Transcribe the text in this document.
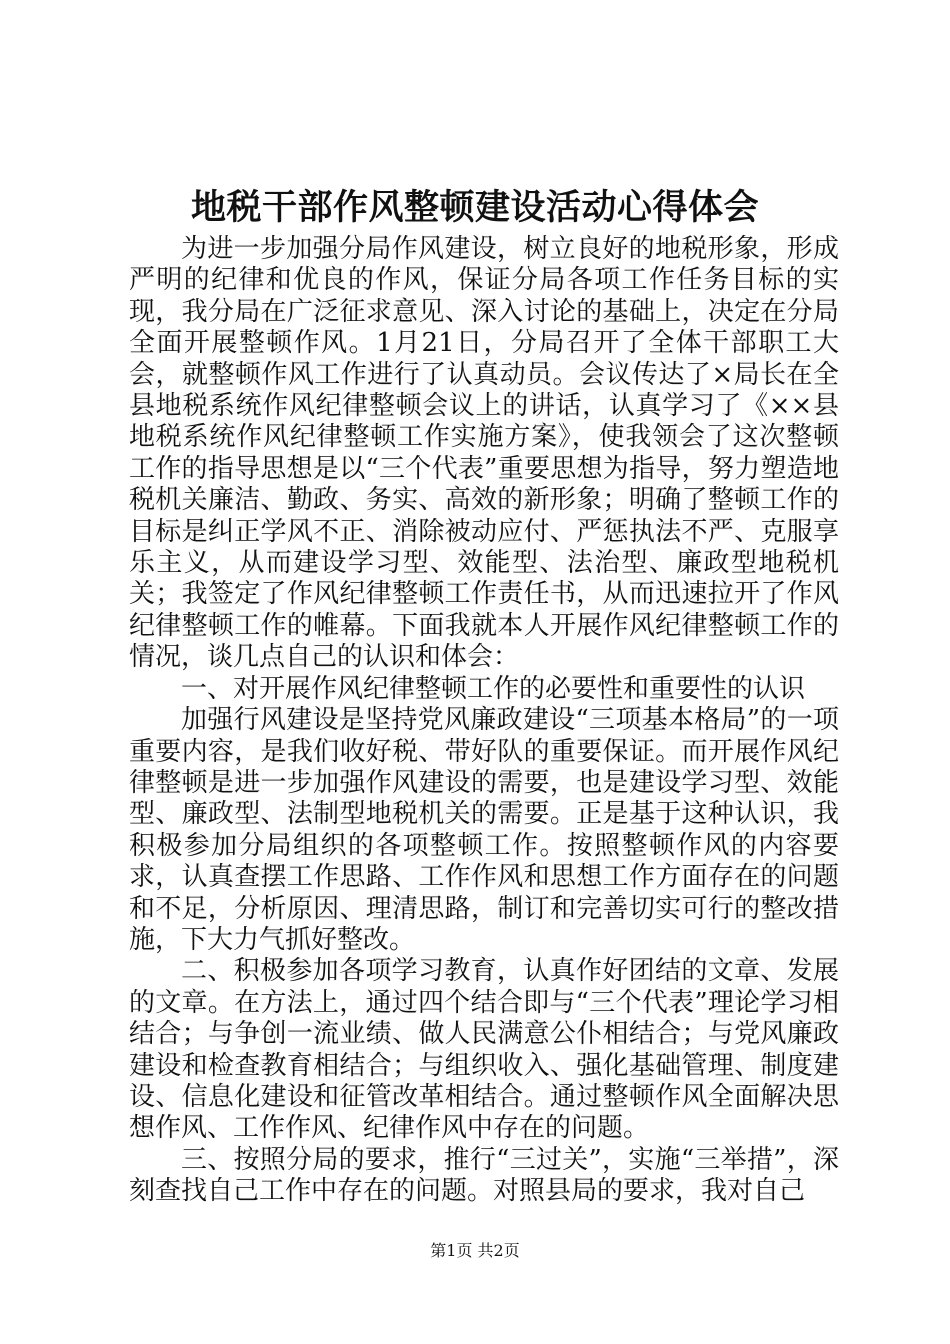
地税干部作风整顿建设活动心得体会

为进一步加强分局作风建设，树立良好的地税形象，形成严明的纪律和优良的作风，保证分局各项工作任务目标的实现，我分局在广泛征求意见、深入讨论的基础上，决定在分局全面开展整顿作风。1月21日，分局召开了全体干部职工大会，就整顿作风工作进行了认真动员。会议传达了×局长在全县地税系统作风纪律整顿会议上的讲话，认真学习了《××县地税系统作风纪律整顿工作实施方案》，使我领会了这次整顿工作的指导思想是以“三个代表”重要思想为指导，努力塑造地税机关廉洁、勤政、务实、高效的新形象；明确了整顿工作的目标是纠正学风不正、消除被动应付、严惩执法不严、克服享乐主义，从而建设学习型、效能型、法治型、廉政型地税机关；我签定了作风纪律整顿工作责任书，从而迅速拉开了作风纪律整顿工作的帷幕。下面我就本人开展作风纪律整顿工作的情况，谈几点自己的认识和体会：

一、对开展作风纪律整顿工作的必要性和重要性的认识

加强行风建设是坚持党风廉政建设“三项基本格局”的一项重要内容，是我们收好税、带好队的重要保证。而开展作风纪律整顿是进一步加强作风建设的需要，也是建设学习型、效能型、廉政型、法制型地税机关的需要。正是基于这种认识，我积极参加分局组织的各项整顿工作。按照整顿作风的内容要求，认真查摆工作思路、工作作风和思想工作方面存在的问题和不足，分析原因、理清思路，制订和完善切实可行的整改措施，下大力气抓好整改。

二、积极参加各项学习教育，认真作好团结的文章、发展的文章。在方法上，通过四个结合即与“三个代表”理论学习相结合；与争创一流业绩、做人民满意公仆相结合；与党风廉政建设和检查教育相结合；与组织收入、强化基础管理、制度建设、信息化建设和征管改革相结合。通过整顿作风全面解决思想作风、工作作风、纪律作风中存在的问题。

三、按照分局的要求，推行“三过关”，实施“三举措”，深刻查找自己工作中存在的问题。对照县局的要求，我对自己

第1页 共2页
